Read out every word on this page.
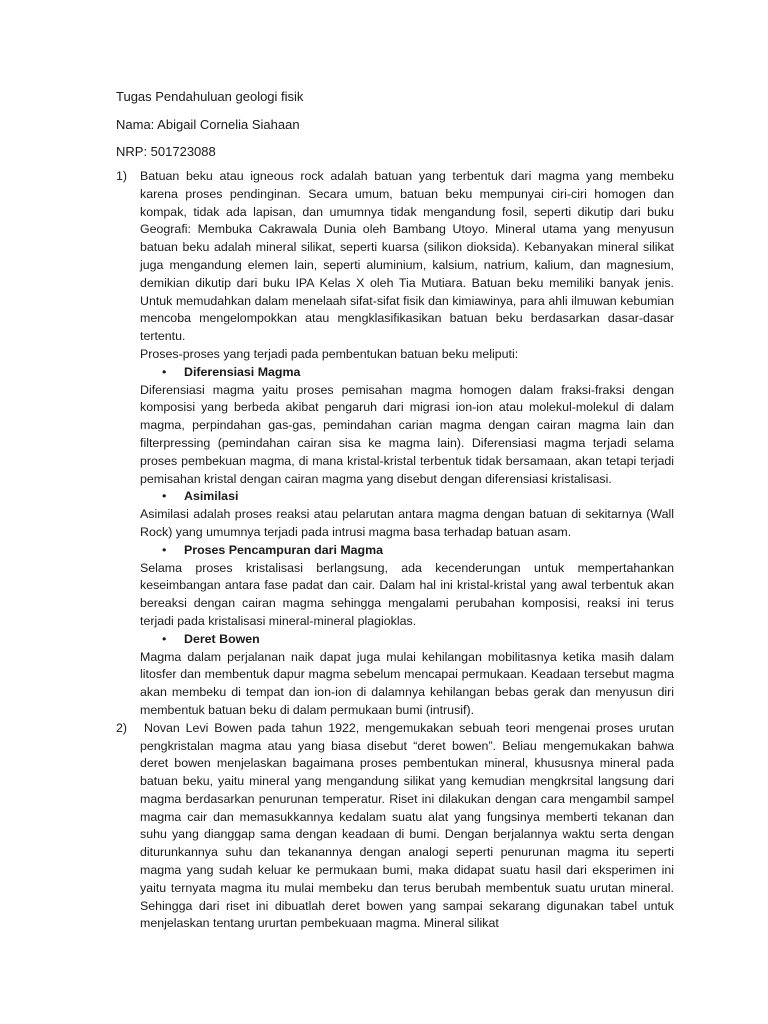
Tugas Pendahuluan geologi fisik
Nama: Abigail Cornelia Siahaan
NRP: 501723088
1)	Batuan beku atau igneous rock adalah batuan yang terbentuk dari magma yang membeku karena proses pendinginan. Secara umum, batuan beku mempunyai ciri-ciri homogen dan kompak, tidak ada lapisan, dan umumnya tidak mengandung fosil, seperti dikutip dari buku Geografi: Membuka Cakrawala Dunia oleh Bambang Utoyo. Mineral utama yang menyusun batuan beku adalah mineral silikat, seperti kuarsa (silikon dioksida). Kebanyakan mineral silikat juga mengandung elemen lain, seperti aluminium, kalsium, natrium, kalium, dan magnesium, demikian dikutip dari buku IPA Kelas X oleh Tia Mutiara. Batuan beku memiliki banyak jenis. Untuk memudahkan dalam menelaah sifat-sifat fisik dan kimiawinya, para ahli ilmuwan kebumian mencoba mengelompokkan atau mengklasifikasikan batuan beku berdasarkan dasar-dasar tertentu.

Proses-proses yang terjadi pada pembentukan batuan beku meliputi:

•	Diferensiasi Magma

Diferensiasi magma yaitu proses pemisahan magma homogen dalam fraksi-fraksi dengan komposisi yang berbeda akibat pengaruh dari migrasi ion-ion atau molekul-molekul di dalam magma, perpindahan gas-gas, pemindahan carian magma dengan cairan magma lain dan filterpressing (pemindahan cairan sisa ke magma lain). Diferensiasi magma terjadi selama proses pembekuan magma, di mana kristal-kristal terbentuk tidak bersamaan, akan tetapi terjadi pemisahan kristal dengan cairan magma yang disebut dengan diferensiasi kristalisasi.

•	Asimilasi

Asimilasi adalah proses reaksi atau pelarutan antara magma dengan batuan di sekitarnya (Wall Rock) yang umumnya terjadi pada intrusi magma basa terhadap batuan asam.

•	Proses Pencampuran dari Magma

Selama proses kristalisasi berlangsung, ada kecenderungan untuk mempertahankan keseimbangan antara fase padat dan cair. Dalam hal ini kristal-kristal yang awal terbentuk akan bereaksi dengan cairan magma sehingga mengalami perubahan komposisi, reaksi ini terus terjadi pada kristalisasi mineral-mineral plagioklas.

•	Deret Bowen

Magma dalam perjalanan naik dapat juga mulai kehilangan mobilitasnya ketika masih dalam litosfer dan membentuk dapur magma sebelum mencapai permukaan. Keadaan tersebut magma akan membeku di tempat dan ion-ion di dalamnya kehilangan bebas gerak dan menyusun diri membentuk batuan beku di dalam permukaan bumi (intrusif).

2)	Novan Levi Bowen pada tahun 1922, mengemukakan sebuah teori mengenai proses urutan pengkristalan magma atau yang biasa disebut “deret bowen”. Beliau mengemukakan bahwa deret bowen menjelaskan bagaimana proses pembentukan mineral, khususnya mineral pada batuan beku, yaitu mineral yang mengandung silikat yang kemudian mengkrsital langsung dari magma berdasarkan penurunan temperatur. Riset ini dilakukan dengan cara mengambil sampel magma cair dan memasukkannya kedalam suatu alat yang fungsinya memberti tekanan dan suhu yang dianggap sama dengan keadaan di bumi. Dengan berjalannya waktu serta dengan diturunkannya suhu dan tekanannya dengan analogi seperti penurunan magma itu seperti magma yang sudah keluar ke permukaan bumi, maka didapat suatu hasil dari eksperimen ini yaitu ternyata magma itu mulai membeku dan terus berubah membentuk suatu urutan mineral. Sehingga dari riset ini dibuatlah deret bowen yang sampai sekarang digunakan tabel untuk menjelaskan tentang ururtan pembekuaan magma. Mineral silikat
